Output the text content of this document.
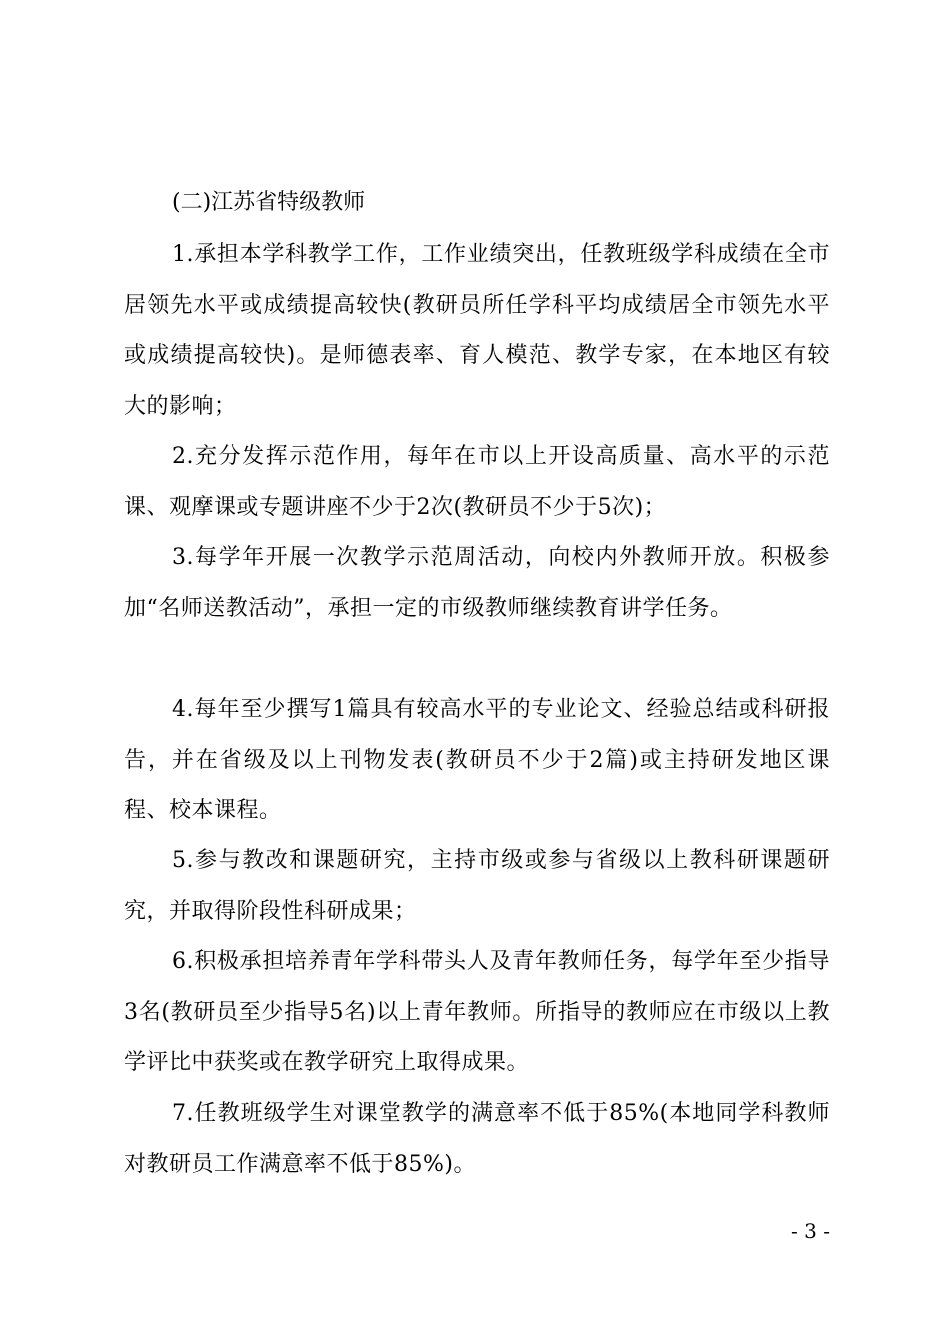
(二)江苏省特级教师

1.承担本学科教学工作，工作业绩突出，任教班级学科成绩在全市居领先水平或成绩提高较快(教研员所任学科平均成绩居全市领先水平或成绩提高较快)。是师德表率、育人模范、教学专家，在本地区有较大的影响；

2.充分发挥示范作用，每年在市以上开设高质量、高水平的示范课、观摩课或专题讲座不少于2次(教研员不少于5次)；

3.每学年开展一次教学示范周活动，向校内外教师开放。积极参加“名师送教活动”，承担一定的市级教师继续教育讲学任务。

4.每年至少撰写1篇具有较高水平的专业论文、经验总结或科研报告，并在省级及以上刊物发表(教研员不少于2篇)或主持研发地区课程、校本课程。

5.参与教改和课题研究，主持市级或参与省级以上教科研课题研究，并取得阶段性科研成果；

6.积极承担培养青年学科带头人及青年教师任务，每学年至少指导3名(教研员至少指导5名)以上青年教师。所指导的教师应在市级以上教学评比中获奖或在教学研究上取得成果。

7.任教班级学生对课堂教学的满意率不低于85%(本地同学科教师对教研员工作满意率不低于85%)。

- 3 -
